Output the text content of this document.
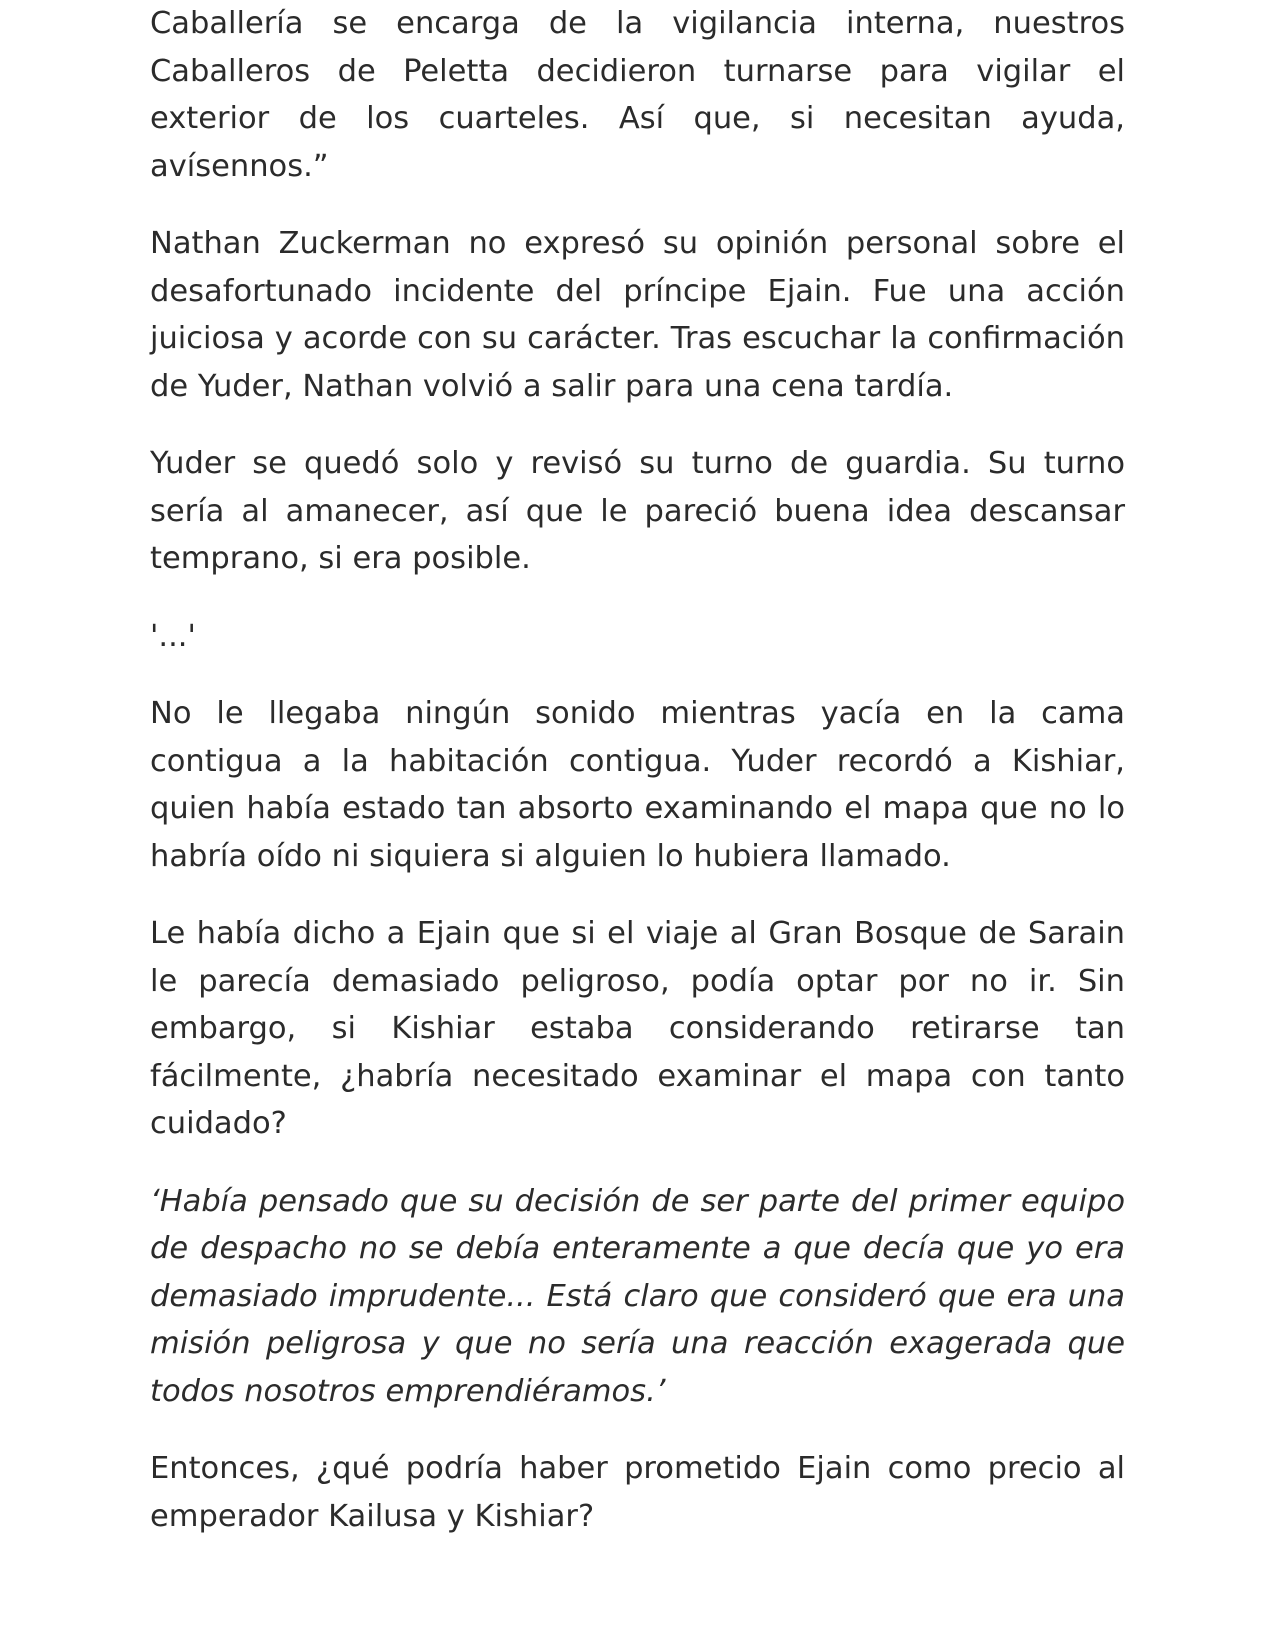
Caballería se encarga de la vigilancia interna, nuestros Caballeros de Peletta decidieron turnarse para vigilar el exterior de los cuarteles. Así que, si necesitan ayuda, avísennos.”

Nathan Zuckerman no expresó su opinión personal sobre el desafortunado incidente del príncipe Ejain. Fue una acción juiciosa y acorde con su carácter. Tras escuchar la confirmación de Yuder, Nathan volvió a salir para una cena tardía.

Yuder se quedó solo y revisó su turno de guardia. Su turno sería al amanecer, así que le pareció buena idea descansar temprano, si era posible.

'...'

No le llegaba ningún sonido mientras yacía en la cama contigua a la habitación contigua. Yuder recordó a Kishiar, quien había estado tan absorto examinando el mapa que no lo habría oído ni siquiera si alguien lo hubiera llamado.

Le había dicho a Ejain que si el viaje al Gran Bosque de Sarain le parecía demasiado peligroso, podía optar por no ir. Sin embargo, si Kishiar estaba considerando retirarse tan fácilmente, ¿habría necesitado examinar el mapa con tanto cuidado?

‘Había pensado que su decisión de ser parte del primer equipo de despacho no se debía enteramente a que decía que yo era demasiado imprudente... Está claro que consideró que era una misión peligrosa y que no sería una reacción exagerada que todos nosotros emprendiéramos.’

Entonces, ¿qué podría haber prometido Ejain como precio al emperador Kailusa y Kishiar?
